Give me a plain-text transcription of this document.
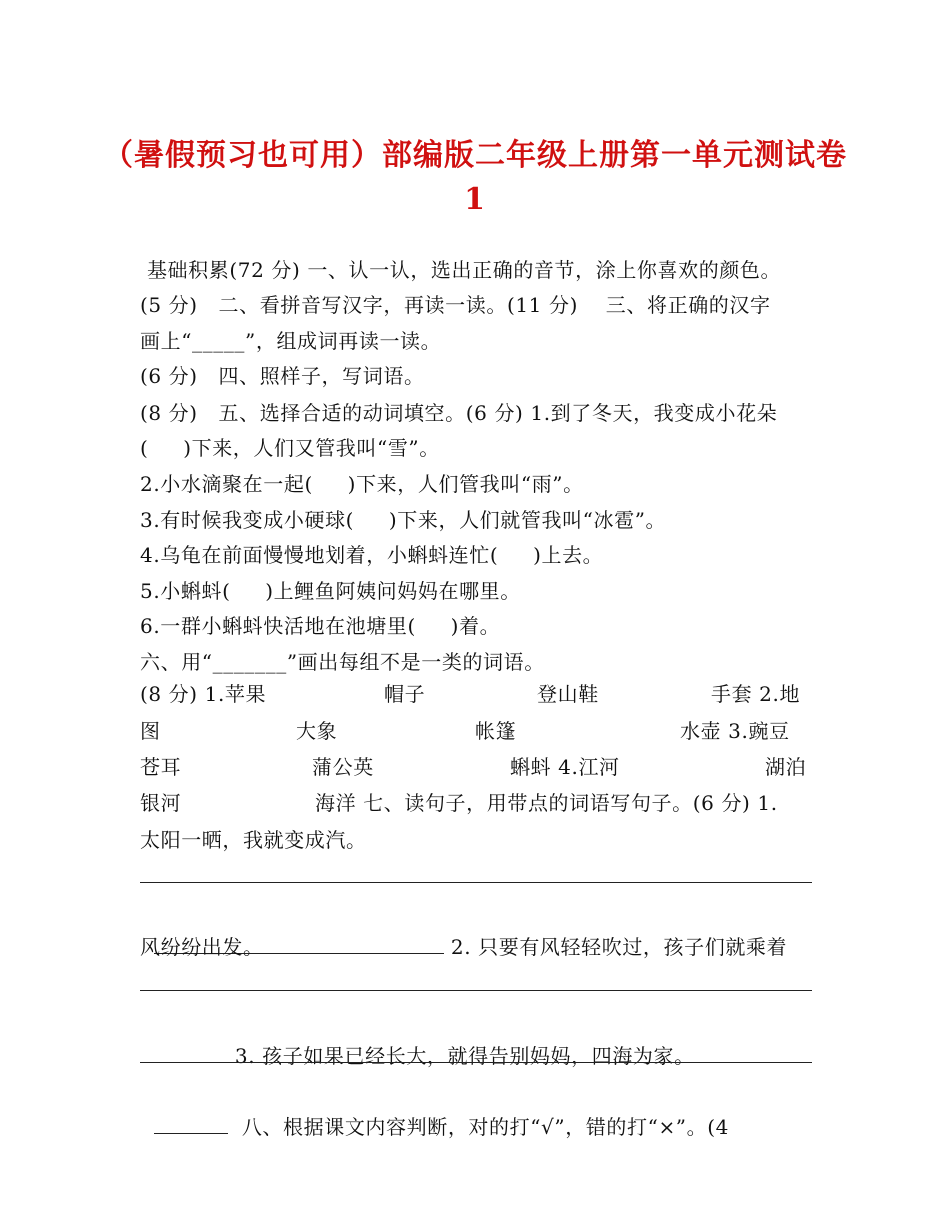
（暑假预习也可用）部编版二年级上册第一单元测试卷
1
基础积累(72 分) 一、认一认，选出正确的音节，涂上你喜欢的颜色。
(5 分)   二、看拼音写汉字，再读一读。(11 分)    三、将正确的汉字
画上“_____”，组成词再读一读。
(6 分)   四、照样子，写词语。
(8 分)   五、选择合适的动词填空。(6 分) 1.到了冬天，我变成小花朵
(     )下来，人们又管我叫“雪”。
2.小水滴聚在一起(     )下来，人们管我叫“雨”。
3.有时候我变成小硬球(     )下来，人们就管我叫“冰雹”。
4.乌龟在前面慢慢地划着，小蝌蚪连忙(     )上去。
5.小蝌蚪(     )上鲤鱼阿姨问妈妈在哪里。
6.一群小蝌蚪快活地在池塘里(     )着。
六、用“_______”画出每组不是一类的词语。
(8 分) 1.苹果	帽子	登山鞋	手套 2.地
图	大象	帐篷	水壶 3.豌豆
苍耳	蒲公英	蝌蚪 4.江河	湖泊
银河	海洋 七、读句子，用带点的词语写句子。(6 分) 1.
太阳一晒，我就变成汽。

2. 只要有风轻轻吹过，孩子们就乘着

风纷纷出发。

3. 孩子如果已经长大，就得告别妈妈，四海为家。

八、根据课文内容判断，对的打“√”，错的打“×”。(4
